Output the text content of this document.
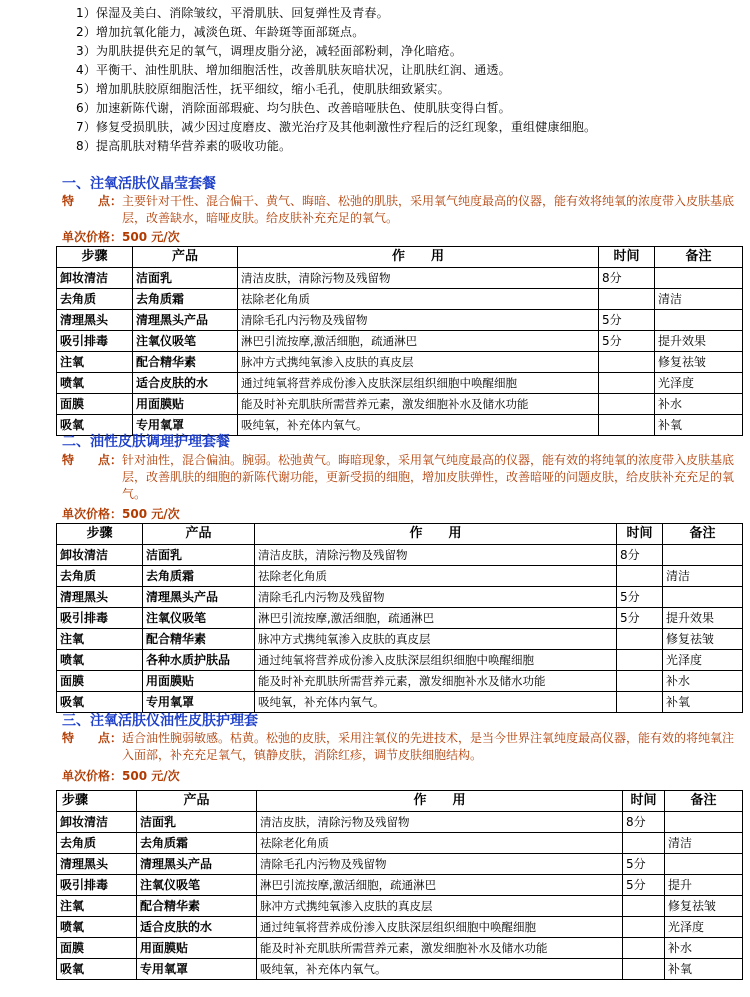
1）保湿及美白、消除皱纹，平滑肌肤、回复弹性及青春。
2）增加抗氧化能力，减淡色斑、年龄斑等面部斑点。
3）为肌肤提供充足的氧气，调理皮脂分泌，减轻面部粉刺，净化暗疮。
4）平衡干、油性肌肤、增加细胞活性，改善肌肤灰暗状况，让肌肤红润、通透。
5）增加肌肤胶原细胞活性，抚平细纹，缩小毛孔，使肌肤细致紧实。
6）加速新陈代谢，消除面部瑕疵、均匀肤色、改善暗哑肤色、使肌肤变得白皙。
7）修复受损肌肤，减少因过度磨皮、激光治疗及其他刺激性疗程后的泛红现象，重组健康细胞。
8）提高肌肤对精华营养素的吸收功能。
一、注氧活肤仪晶莹套餐
特　　点： 主要针对干性、混合偏干、黄气、晦暗、松弛的肌肤，采用氧气纯度最高的仪器，能有效将纯氧的浓度带入皮肤基底层，改善缺水，暗哑皮肤。给皮肤补充充足的氧气。
单次价格：500 元/次
步骤	产品	作　　用	时间	备注
卸妆清洁	洁面乳	清洁皮肤，清除污物及残留物	8分	
去角质	去角质霜	祛除老化角质		清洁
清理黑头	清理黑头产品	清除毛孔内污物及残留物	5分	
吸引排毒	注氧仪吸笔	淋巴引流按摩,激活细胞，疏通淋巴	5分	提升效果
注氧	配合精华素	脉冲方式携纯氧渗入皮肤的真皮层		修复祛皱
喷氧	适合皮肤的水	通过纯氧将营养成份渗入皮肤深层组织细胞中唤醒细胞		光泽度
面膜	用面膜贴	能及时补充肌肤所需营养元素，激发细胞补水及储水功能		补水
吸氧	专用氧罩	吸纯氧，补充体内氧气。		补氧
二、油性皮肤调理护理套餐
特　　点： 针对油性，混合偏油。腕弱。松弛黄气。晦暗现象，采用氧气纯度最高的仪器，能有效的将纯氧的浓度带入皮肤基底层，改善肌肤的细胞的新陈代谢功能，更新受损的细胞，增加皮肤弹性，改善暗哑的问题皮肤，给皮肤补充充足的氧气。
单次价格：500 元/次
步骤	产品	作　　用	时间	备注
卸妆清洁	洁面乳	清洁皮肤，清除污物及残留物	8分	
去角质	去角质霜	祛除老化角质		清洁
清理黑头	清理黑头产品	清除毛孔内污物及残留物	5分	
吸引排毒	注氧仪吸笔	淋巴引流按摩,激活细胞，疏通淋巴	5分	提升效果
注氧	配合精华素	脉冲方式携纯氧渗入皮肤的真皮层		修复祛皱
喷氧	各种水质护肤品	通过纯氧将营养成份渗入皮肤深层组织细胞中唤醒细胞		光泽度
面膜	用面膜贴	能及时补充肌肤所需营养元素，激发细胞补水及储水功能		补水
吸氧	专用氧罩	吸纯氧，补充体内氧气。		补氧
三、注氧活肤仪油性皮肤护理套
特　　点： 适合油性腕弱敏感。枯黄。松弛的皮肤，采用注氧仪的先进技术，是当今世界注氧纯度最高仪器，能有效的将纯氧注入面部，补充充足氧气，镇静皮肤，消除红疹，调节皮肤细胞结构。
单次价格：500 元/次
步骤	产品	作　　用	时间	备注
卸妆清洁	洁面乳	清洁皮肤，清除污物及残留物	8分	
去角质	去角质霜	祛除老化角质		清洁
清理黑头	清理黑头产品	清除毛孔内污物及残留物	5分	
吸引排毒	注氧仪吸笔	淋巴引流按摩,激活细胞，疏通淋巴	5分	提升
注氧	配合精华素	脉冲方式携纯氧渗入皮肤的真皮层		修复祛皱
喷氧	适合皮肤的水	通过纯氧将营养成份渗入皮肤深层组织细胞中唤醒细胞		光泽度
面膜	用面膜贴	能及时补充肌肤所需营养元素，激发细胞补水及储水功能		补水
吸氧	专用氧罩	吸纯氧，补充体内氧气。		补氧
